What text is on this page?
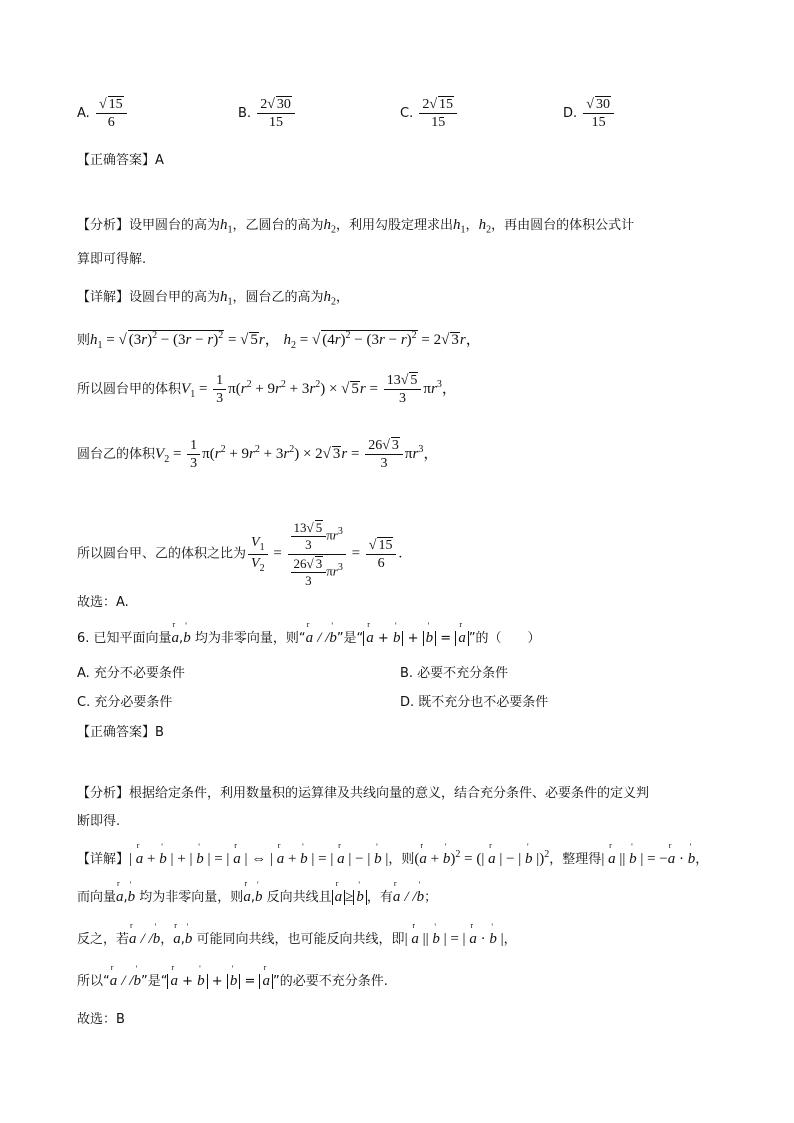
A. $\frac{√ 15}{6}$	B. $\frac{2√ 30}{15}$	C. $\frac{2√ 15}{15}$	D. $\frac{√ 30}{15}$
【正确答案】A
【分析】设甲圆台的高为$h_1$，乙圆台的高为$h_2$，利用勾股定理求出$h_1$，$h_2$，再由圆台的体积公式计
算即可得解.
【详解】设圆台甲的高为$h_1$，圆台乙的高为$h_2$，
则$h_1$ = √ $(3r)^2 - (3r - r)^2$ = √ 5r， $h_2$ = √ $(4r)^2 - (3r - r)^2 = 2√$ 3r，
所以圆台甲的体积$V_1 = \frac{1}{3} \pi(r^2 + 9r^2 + 3r^2)$ × √ $5r = \frac{13√ 5}{3} \pi r^3$，
圆台乙的体积$V_2 = \frac{1}{3} \pi(r^2 + 9r^2 + 3r^2) \times 2√$ $3r = \frac{26√ 3}{3} \pi r^3$，
所以圆台甲、乙的体积之比为 $\frac{V_1}{V_2} = \frac{\frac{13√ 5}{3} \pi r^3}{\frac{26√ 3}{3} \pi r^3} = \frac{√ 15}{6}$ .
故选：A.
6. 已知平面向量r a,' b 均为非零向量，则“r a / /' b”是“ r a + ' b + ' b = r a ”的（　　）
A. 充分不必要条件	B. 必要不充分条件
C. 充分必要条件	D. 既不充分也不必要条件
【正确答案】B
【分析】根据给定条件，利用数量积的运算律及共线向量的意义，结合充分条件、必要条件的定义判
断即得.
【详解】| r a + ' b | + | ' b | = | r a | ⇔ | r a + ' b | = | r a | − | ' b |，则(r a + ' b)$^2$ = (| r a | − | ' b |)$^2$，整理得| r a || ' b | = −r a · ' b，
而向量r a,' b 均为非零向量，则r a,' b 反向共线且 r a ≥ ' b ，有r a / /' b；
反之，若r a / /' b，r a,' b 可能同向共线，也可能反向共线，即| r a || ' b | = | r a · ' b |，
所以“r a / /' b”是“ r a + ' b + ' b = r a ”的必要不充分条件.
故选：B
